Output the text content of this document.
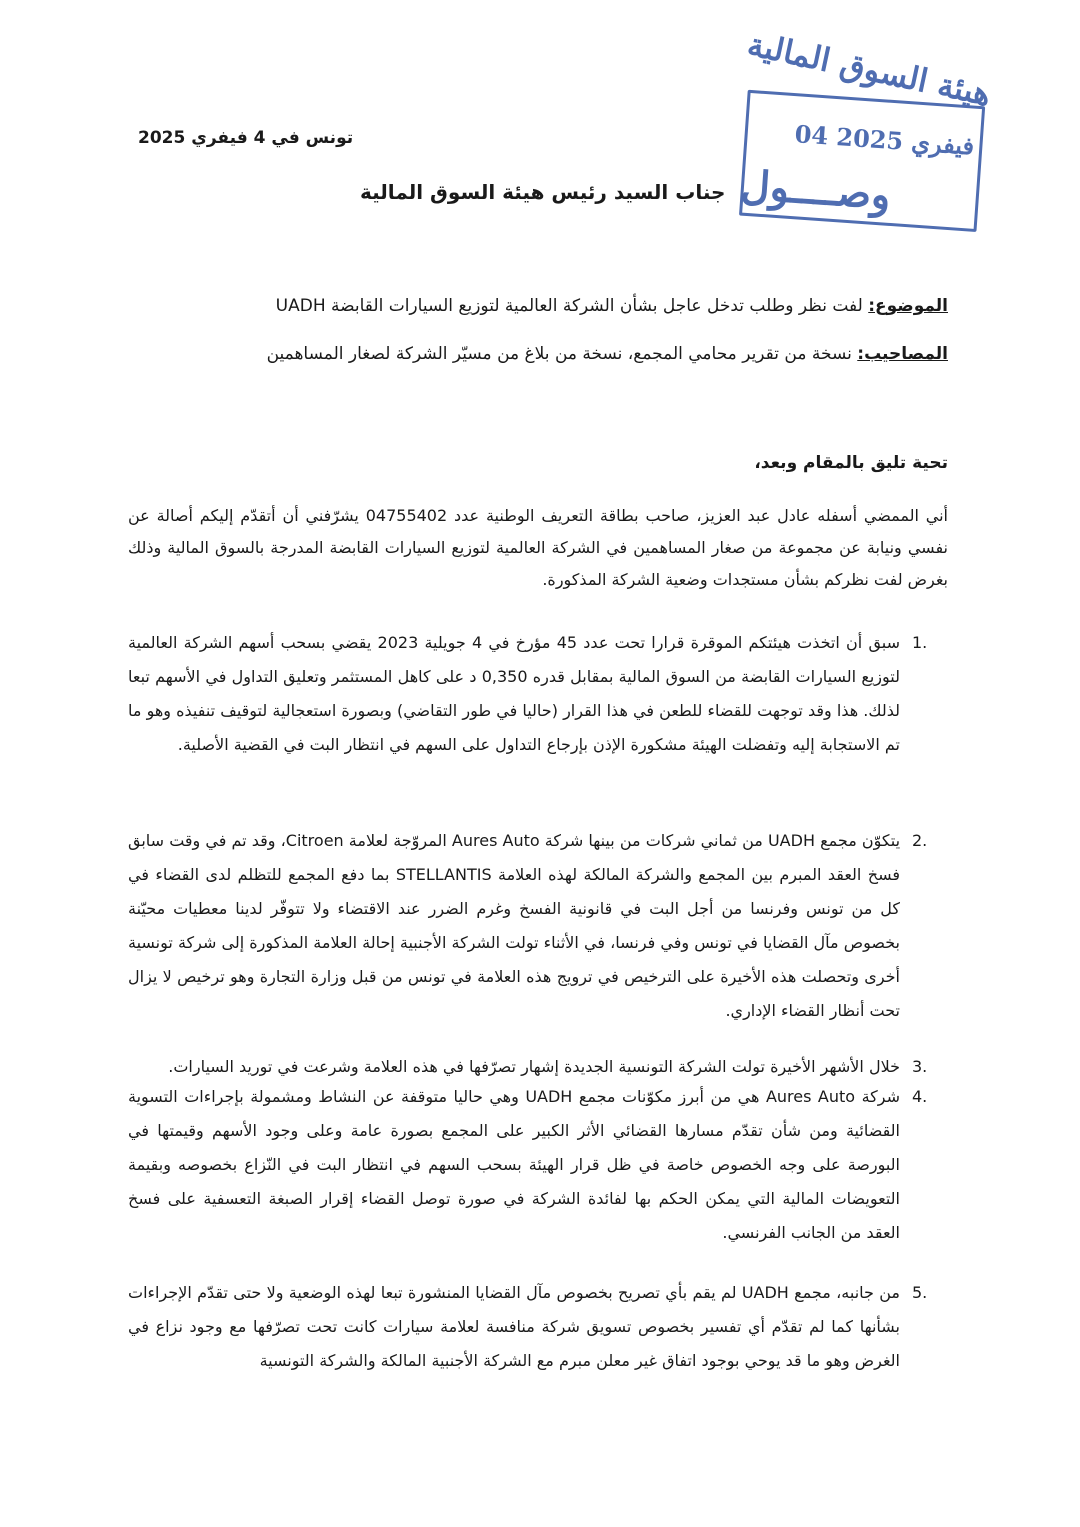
تونس في 4 فيفري 2025
هيئة السوق المالية
04 فيفري 2025
وصــــول
جناب السيد رئيس هيئة السوق المالية
الموضوع: لفت نظر وطلب تدخل عاجل بشأن الشركة العالمية لتوزيع السيارات القابضة UADH
المصاحيب: نسخة من تقرير محامي المجمع، نسخة من بلاغ من مسيّر الشركة لصغار المساهمين
تحية تليق بالمقام وبعد،
أني الممضي أسفله عادل عبد العزيز، صاحب بطاقة التعريف الوطنية عدد 04755402 يشرّفني أن أتقدّم إليكم أصالة عن نفسي ونيابة عن مجموعة من صغار المساهمين في الشركة العالمية لتوزيع السيارات القابضة المدرجة بالسوق المالية وذلك بغرض لفت نظركم بشأن مستجدات وضعية الشركة المذكورة.
1.
سبق أن اتخذت هيئتكم الموقرة قرارا تحت عدد 45 مؤرخ في 4 جويلية 2023 يقضي بسحب أسهم الشركة العالمية لتوزيع السيارات القابضة من السوق المالية بمقابل قدره 0,350 د على كاهل المستثمر وتعليق التداول في الأسهم تبعا لذلك. هذا وقد توجهت للقضاء للطعن في هذا القرار (حاليا في طور التقاضي) وبصورة استعجالية لتوقيف تنفيذه وهو ما تم الاستجابة إليه وتفضلت الهيئة مشكورة الإذن بإرجاع التداول على السهم في انتظار البت في القضية الأصلية.
2.
يتكوّن مجمع UADH من ثماني شركات من بينها شركة Aures Auto المروّجة لعلامة Citroen، وقد تم في وقت سابق فسخ العقد المبرم بين المجمع والشركة المالكة لهذه العلامة STELLANTIS بما دفع المجمع للتظلم لدى القضاء في كل من تونس وفرنسا من أجل البت في قانونية الفسخ وغرم الضرر عند الاقتضاء ولا تتوفّر لدينا معطيات محيّنة بخصوص مآل القضايا في تونس وفي فرنسا، في الأثناء تولت الشركة الأجنبية إحالة العلامة المذكورة إلى شركة تونسية أخرى وتحصلت هذه الأخيرة على الترخيص في ترويج هذه العلامة في تونس من قبل وزارة التجارة وهو ترخيص لا يزال تحت أنظار القضاء الإداري.
3.
خلال الأشهر الأخيرة تولت الشركة التونسية الجديدة إشهار تصرّفها في هذه العلامة وشرعت في توريد السيارات.
4.
شركة Aures Auto هي من أبرز مكوّنات مجمع UADH وهي حاليا متوقفة عن النشاط ومشمولة بإجراءات التسوية القضائية ومن شأن تقدّم مسارها القضائي الأثر الكبير على المجمع بصورة عامة وعلى وجود الأسهم وقيمتها في البورصة على وجه الخصوص خاصة في ظل قرار الهيئة بسحب السهم في انتظار البت في النّزاع بخصوصه وبقيمة التعويضات المالية التي يمكن الحكم بها لفائدة الشركة في صورة توصل القضاء إقرار الصبغة التعسفية على فسخ العقد من الجانب الفرنسي.
5.
من جانبه، مجمع UADH لم يقم بأي تصريح بخصوص مآل القضايا المنشورة تبعا لهذه الوضعية ولا حتى تقدّم الإجراءات بشأنها كما لم تقدّم أي تفسير بخصوص تسويق شركة منافسة لعلامة سيارات كانت تحت تصرّفها مع وجود نزاع في الغرض وهو ما قد يوحي بوجود اتفاق غير معلن مبرم مع الشركة الأجنبية المالكة والشركة التونسية
